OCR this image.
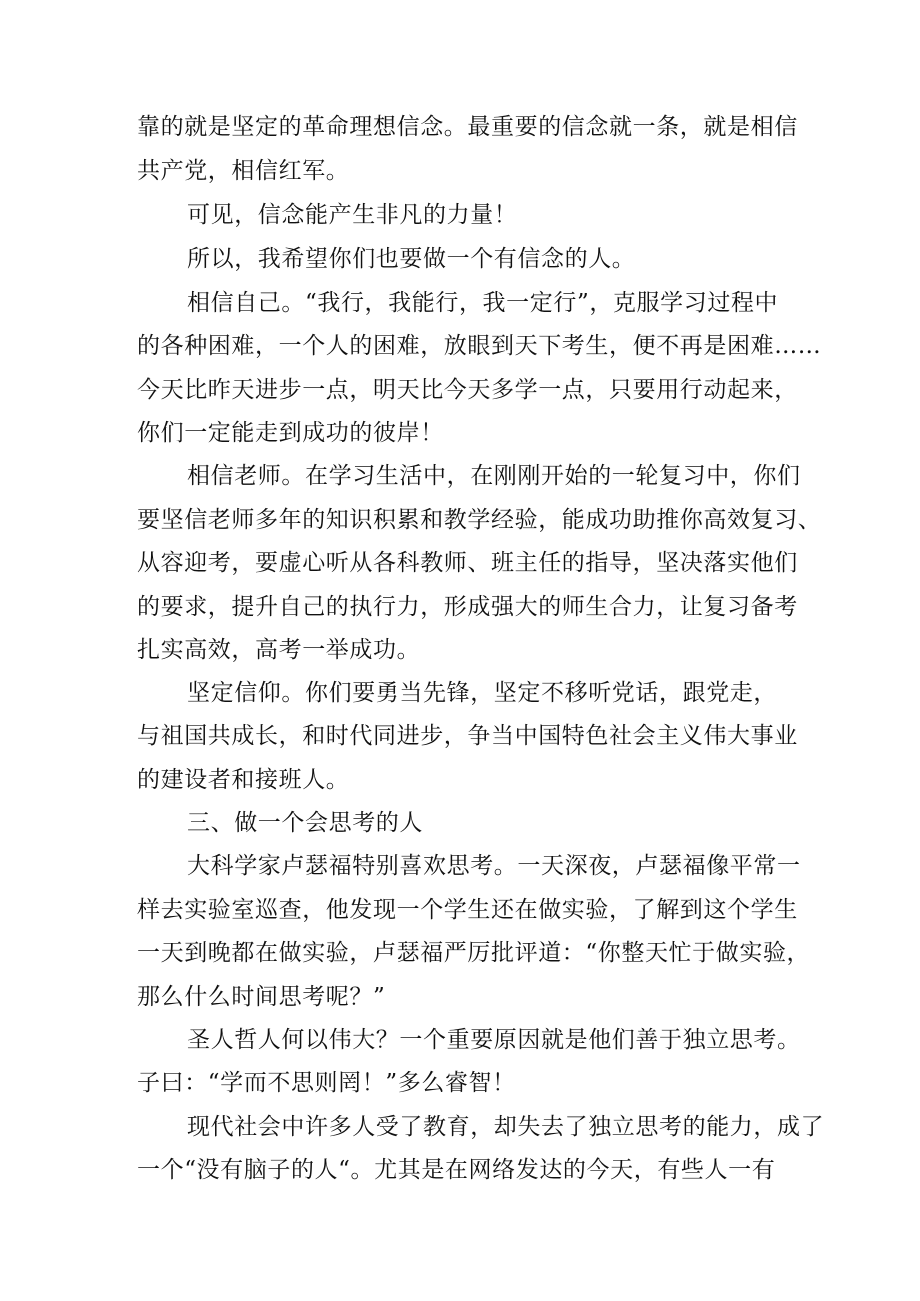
靠的就是坚定的革命理想信念。最重要的信念就一条，就是相信
共产党，相信红军。
可见，信念能产生非凡的力量！
所以，我希望你们也要做一个有信念的人。
相信自己。“我行，我能行，我一定行”，克服学习过程中
的各种困难，一个人的困难，放眼到天下考生，便不再是困难……
今天比昨天进步一点，明天比今天多学一点，只要用行动起来，
你们一定能走到成功的彼岸！
相信老师。在学习生活中，在刚刚开始的一轮复习中，你们
要坚信老师多年的知识积累和教学经验，能成功助推你高效复习、
从容迎考，要虚心听从各科教师、班主任的指导，坚决落实他们
的要求，提升自己的执行力，形成强大的师生合力，让复习备考
扎实高效，高考一举成功。
坚定信仰。你们要勇当先锋，坚定不移听党话，跟党走，
与祖国共成长，和时代同进步，争当中国特色社会主义伟大事业
的建设者和接班人。
三、做一个会思考的人
大科学家卢瑟福特别喜欢思考。一天深夜，卢瑟福像平常一
样去实验室巡查，他发现一个学生还在做实验，了解到这个学生
一天到晚都在做实验，卢瑟福严厉批评道：“你整天忙于做实验，
那么什么时间思考呢？”
圣人哲人何以伟大？一个重要原因就是他们善于独立思考。
子曰：“学而不思则罔！”多么睿智！
现代社会中许多人受了教育，却失去了独立思考的能力，成了
一个“没有脑子的人“。尤其是在网络发达的今天，有些人一有
